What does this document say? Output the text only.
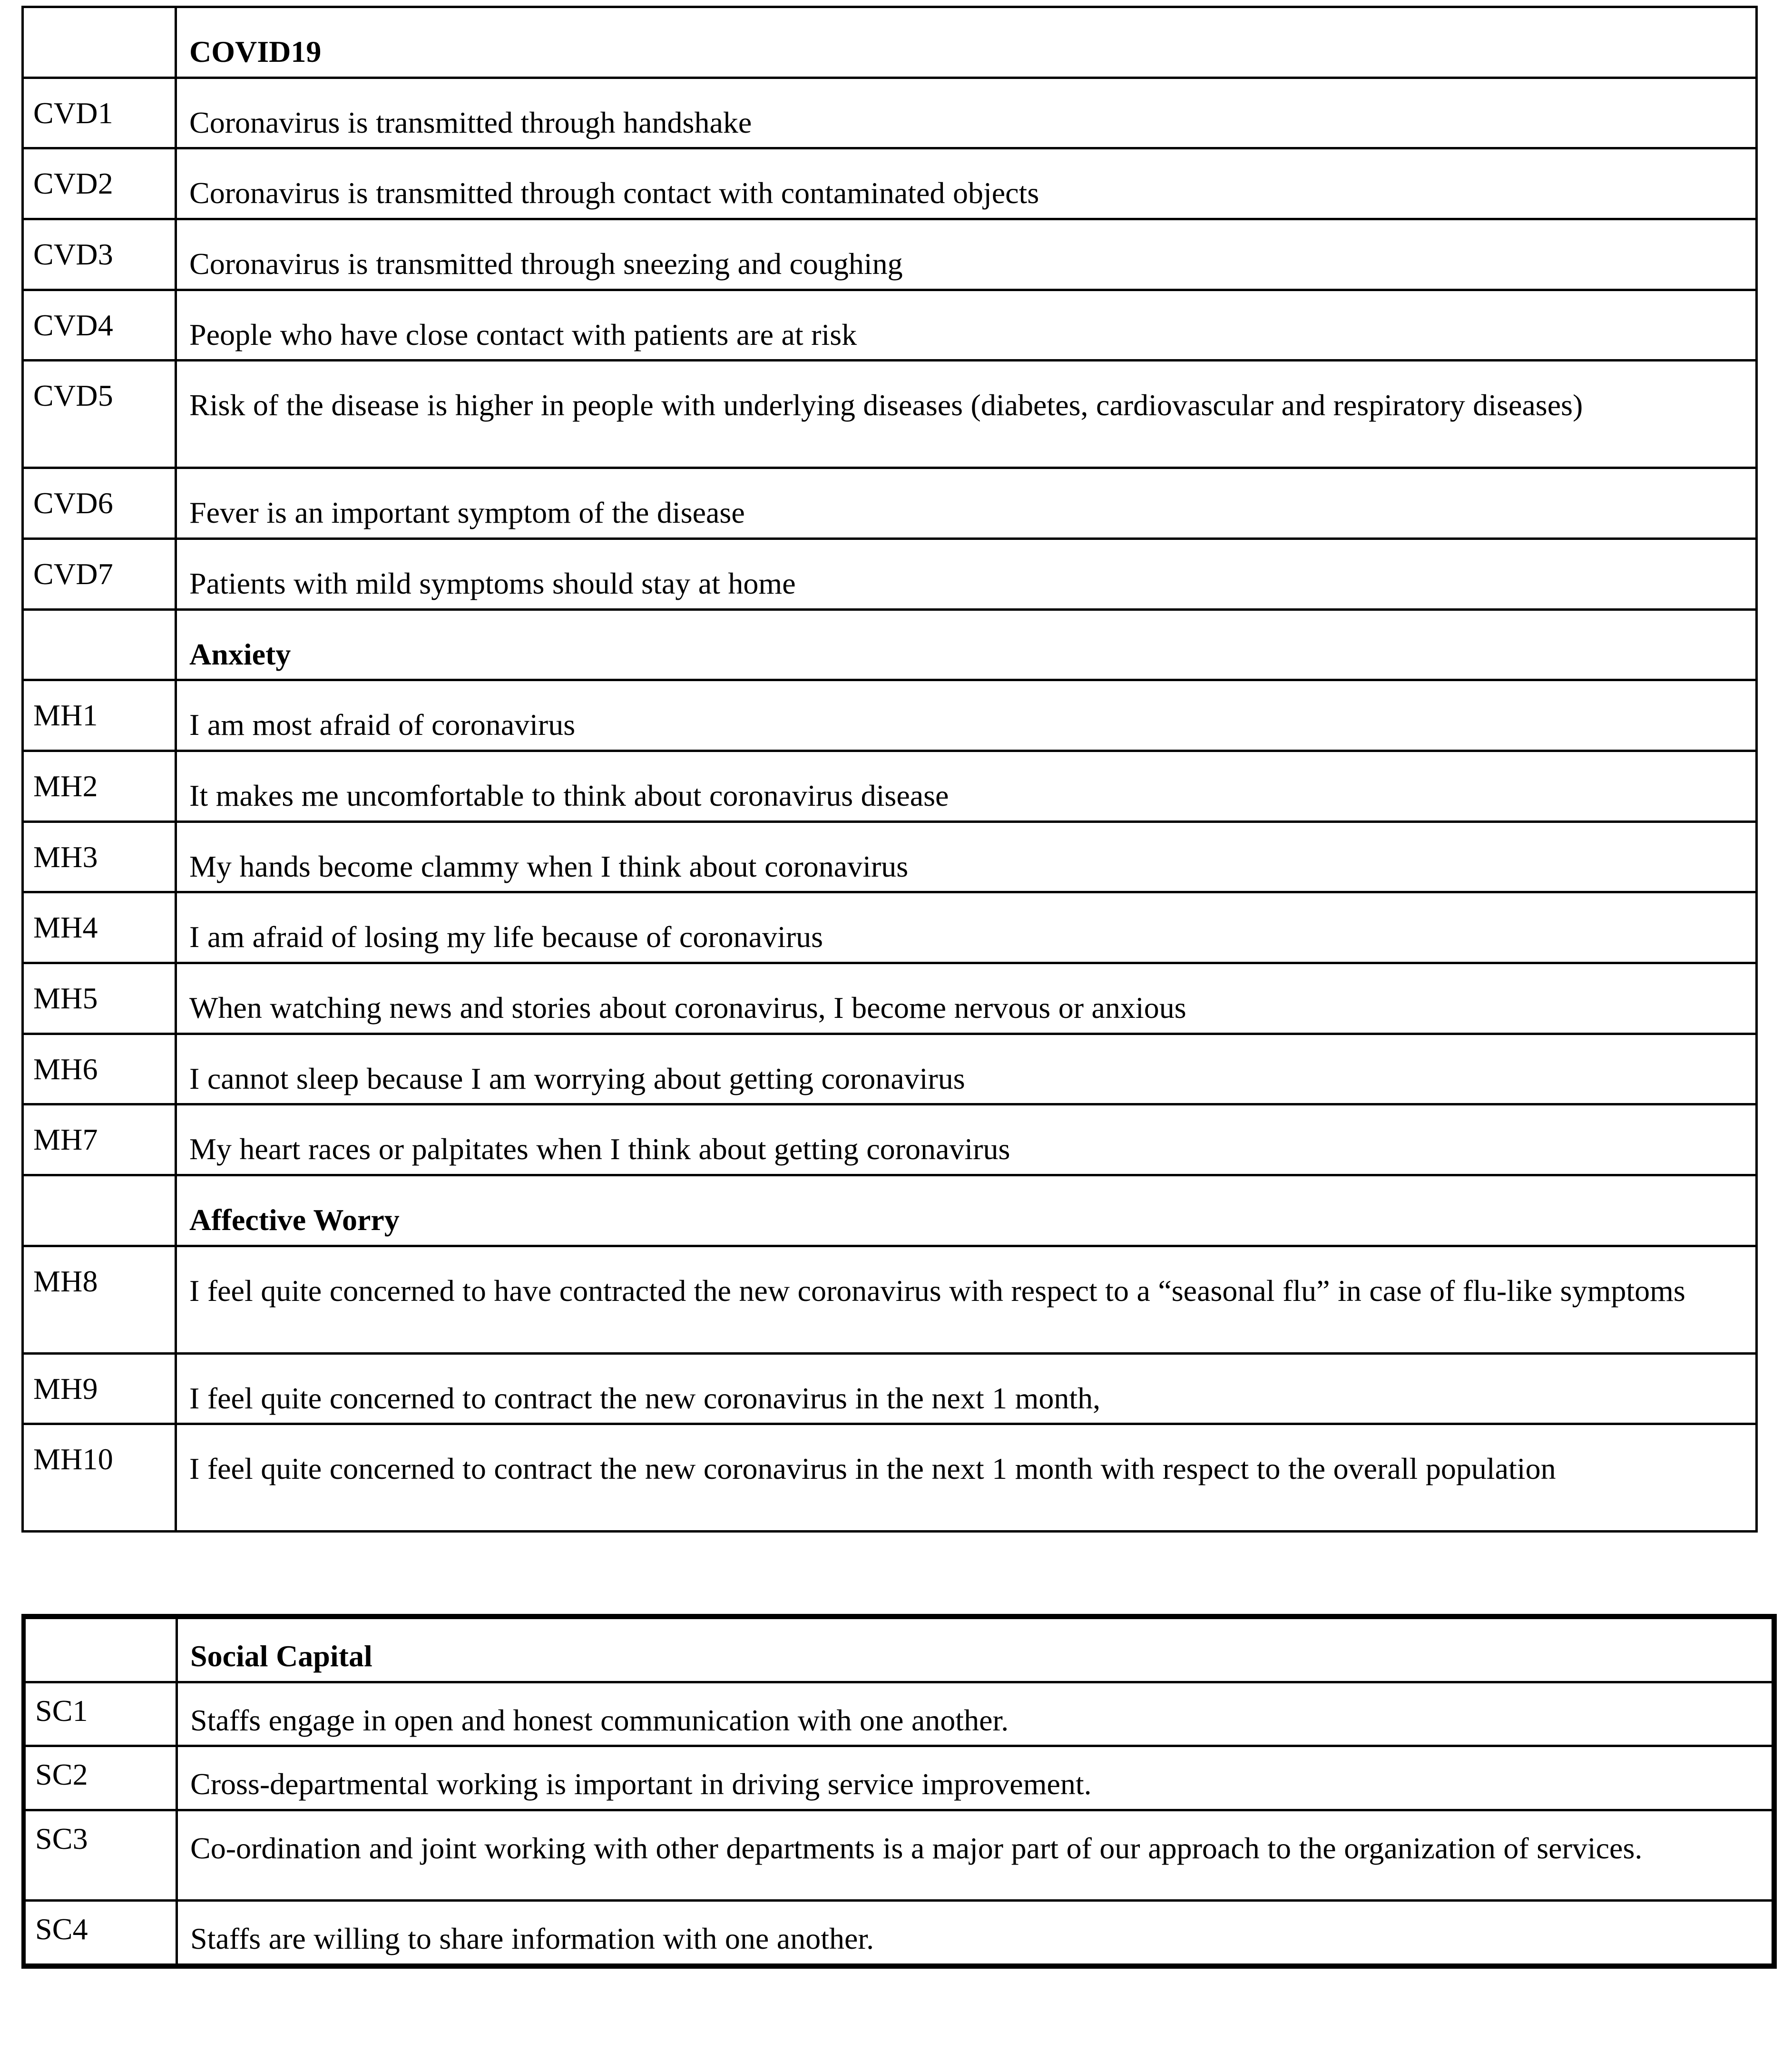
	COVID19

CVD1	Coronavirus is transmitted through handshake

CVD2	Coronavirus is transmitted through contact with contaminated objects

CVD3	Coronavirus is transmitted through sneezing and coughing

CVD4	People who have close contact with patients are at risk

CVD5	Risk of the disease is higher in people with underlying diseases (diabetes, cardiovascular and respiratory diseases)

CVD6	Fever is an important symptom of the disease

CVD7	Patients with mild symptoms should stay at home

	Anxiety

MH1	I am most afraid of coronavirus

MH2	It makes me uncomfortable to think about coronavirus disease

MH3	My hands become clammy when I think about coronavirus

MH4	I am afraid of losing my life because of coronavirus

MH5	When watching news and stories about coronavirus, I become nervous or anxious

MH6	I cannot sleep because I am worrying about getting coronavirus

MH7	My heart races or palpitates when I think about getting coronavirus

	Affective Worry

MH8	I feel quite concerned to have contracted the new coronavirus with respect to a “seasonal flu” in case of flu-like symptoms

MH9	I feel quite concerned to contract the new coronavirus in the next 1 month,

MH10	I feel quite concerned to contract the new coronavirus in the next 1 month with respect to the overall population

	Social Capital

SC1	Staffs engage in open and honest communication with one another.

SC2	Cross-departmental working is important in driving service improvement.

SC3	Co-ordination and joint working with other departments is a major part of our approach to the organization of services.

SC4	Staffs are willing to share information with one another.
